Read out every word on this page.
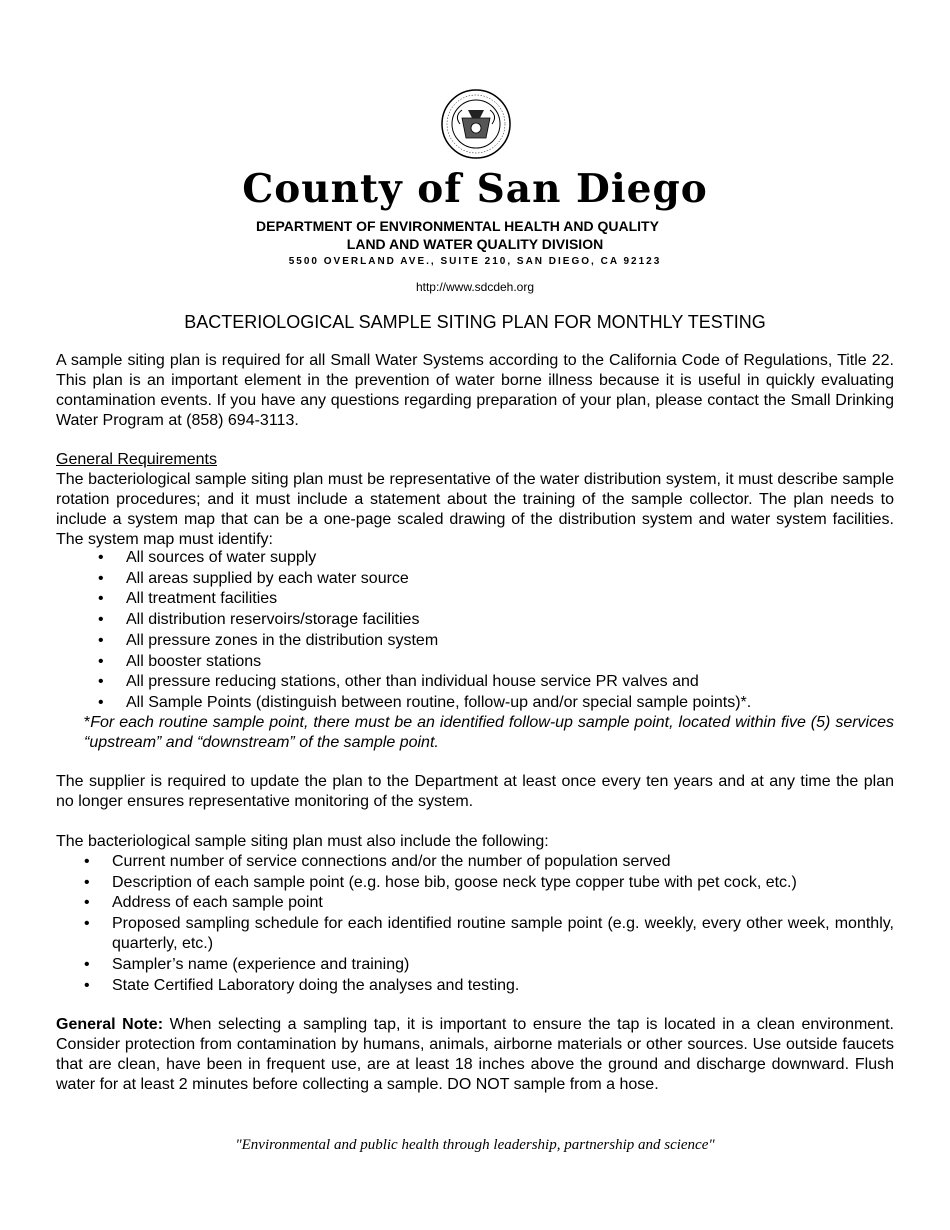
County of San Diego
DEPARTMENT OF ENVIRONMENTAL HEALTH AND QUALITY
LAND AND WATER QUALITY DIVISION
5500 OVERLAND AVE., SUITE 210, SAN DIEGO, CA 92123
http://www.sdcdeh.org
BACTERIOLOGICAL SAMPLE SITING PLAN FOR MONTHLY TESTING
A sample siting plan is required for all Small Water Systems according to the California Code of Regulations, Title 22. This plan is an important element in the prevention of water borne illness because it is useful in quickly evaluating contamination events. If you have any questions regarding preparation of your plan, please contact the Small Drinking Water Program at (858) 694-3113.
General Requirements
The bacteriological sample siting plan must be representative of the water distribution system, it must describe sample rotation procedures; and it must include a statement about the training of the sample collector. The plan needs to include a system map that can be a one-page scaled drawing of the distribution system and water system facilities. The system map must identify:
• All sources of water supply
• All areas supplied by each water source
• All treatment facilities
• All distribution reservoirs/storage facilities
• All pressure zones in the distribution system
• All booster stations
• All pressure reducing stations, other than individual house service PR valves and
• All Sample Points (distinguish between routine, follow-up and/or special sample points)*.
*For each routine sample point, there must be an identified follow-up sample point, located within five (5) services “upstream” and “downstream” of the sample point.
The supplier is required to update the plan to the Department at least once every ten years and at any time the plan no longer ensures representative monitoring of the system.
The bacteriological sample siting plan must also include the following:
• Current number of service connections and/or the number of population served
• Description of each sample point (e.g. hose bib, goose neck type copper tube with pet cock, etc.)
• Address of each sample point
• Proposed sampling schedule for each identified routine sample point (e.g. weekly, every other week, monthly, quarterly, etc.)
• Sampler’s name (experience and training)
• State Certified Laboratory doing the analyses and testing.
General Note: When selecting a sampling tap, it is important to ensure the tap is located in a clean environment. Consider protection from contamination by humans, animals, airborne materials or other sources. Use outside faucets that are clean, have been in frequent use, are at least 18 inches above the ground and discharge downward. Flush water for at least 2 minutes before collecting a sample. DO NOT sample from a hose.
"Environmental and public health through leadership, partnership and science"
